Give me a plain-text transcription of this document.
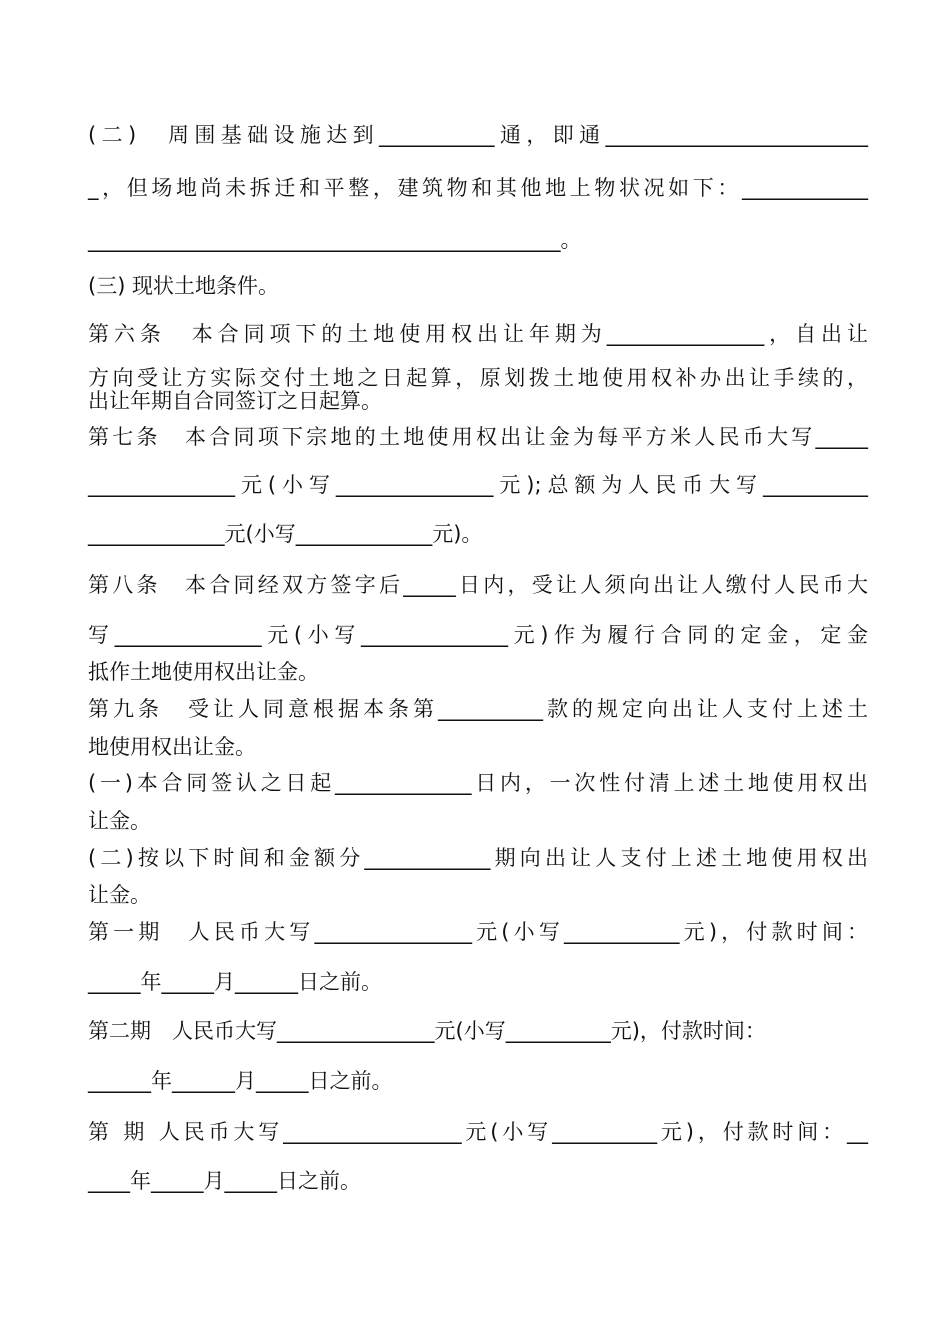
(二)　周围基础设施达到___________通，即通_________________________
_，但场地尚未拆迁和平整，建筑物和其他地上物状况如下：____________
_____________________________________________。
(三) 现状土地条件。
第六条　本合同项下的土地使用权出让年期为_______________，自出让
方向受让方实际交付土地之日起算，原划拨土地使用权补办出让手续的，
出让年期自合同签订之日起算。
第七条　本合同项下宗地的土地使用权出让金为每平方米人民币大写_____
______________元(小写_______________元);总额为人民币大写__________
_____________元(小写_____________元)。
第八条　本合同经双方签字后_____日内，受让人须向出让人缴付人民币大
写______________元(小写______________元)作为履行合同的定金，定金
抵作土地使用权出让金。
第九条　受让人同意根据本条第__________款的规定向出让人支付上述土
地使用权出让金。
(一)本合同签认之日起_____________日内，一次性付清上述土地使用权出
让金。
(二)按以下时间和金额分____________期向出让人支付上述土地使用权出
让金。
第一期　人民币大写_______________元(小写___________元)，付款时间：
_____年_____月______日之前。
第二期　人民币大写_______________元(小写__________元)，付款时间：
______年______月_____日之前。
第 期 人民币大写_________________元(小写__________元)，付款时间：__
____年_____月_____日之前。
